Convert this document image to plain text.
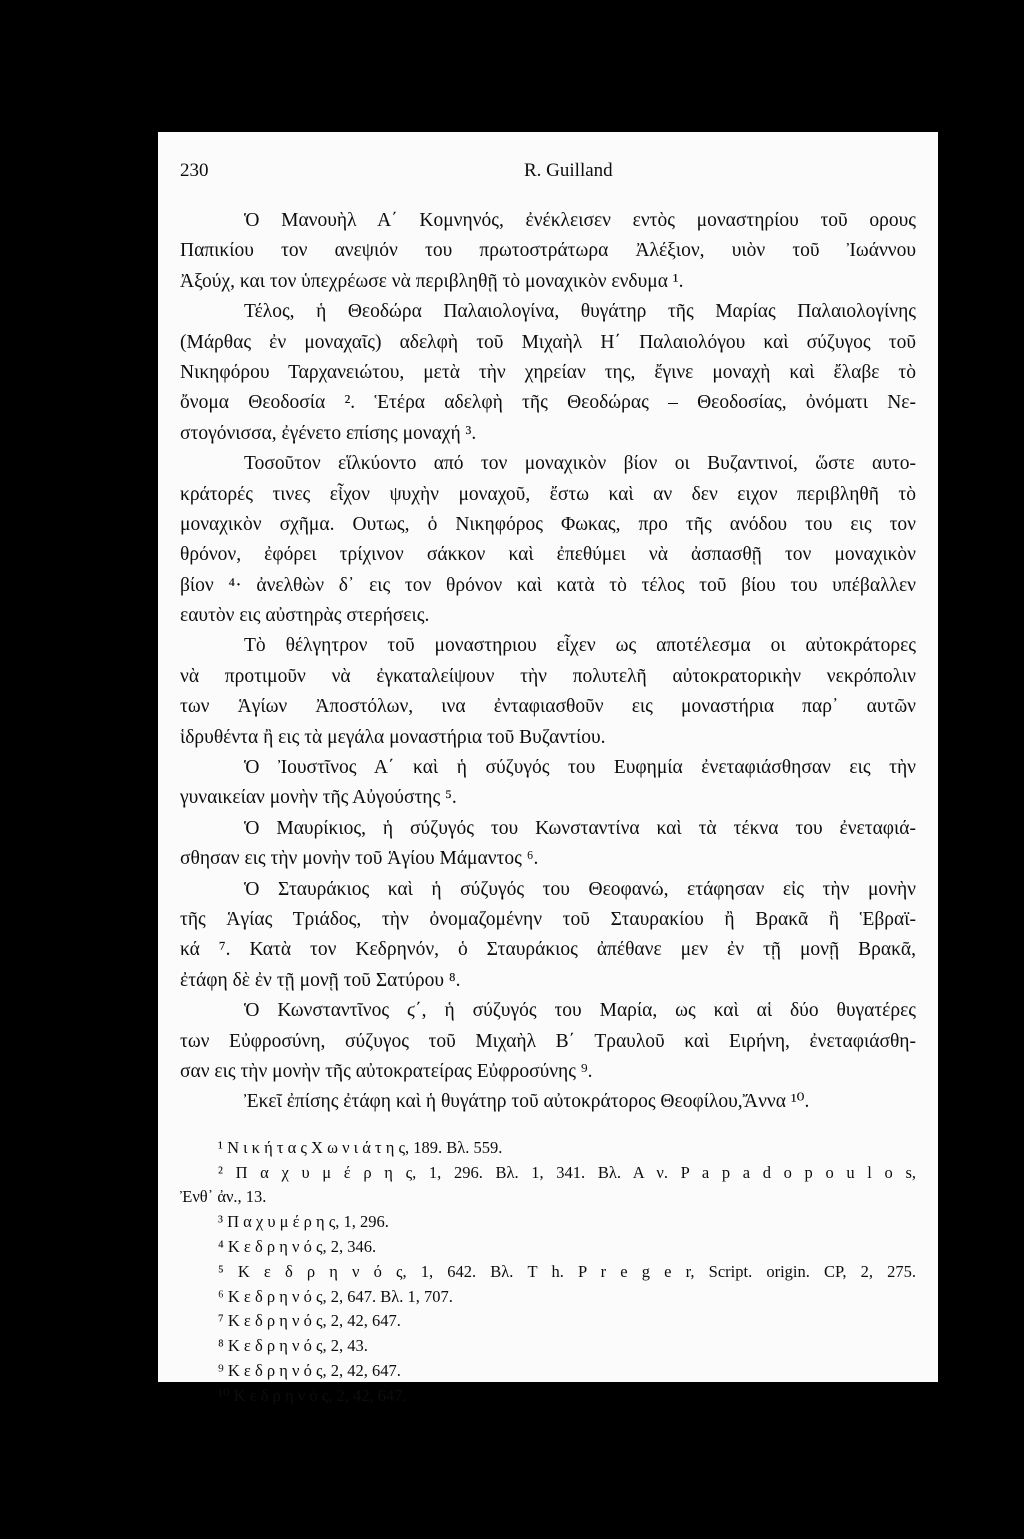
230	R. Guilland
Ὁ Μανουὴλ Α΄ Κομνηνός, ἐνέκλεισεν εντὸς μοναστηρίου τοῦ ορους
Παπικίου τον ανεψιόν του πρωτοστράτωρα Ἀλέξιον, υιὸν τοῦ Ἰωάννου
Ἀξούχ, και τον ὑπεχρέωσε νὰ περιβληθῇ τὸ μοναχικὸν ενδυμα ¹.
Τέλος, ἡ Θεοδώρα Παλαιολογίνα, θυγάτηρ τῆς Μαρίας Παλαιολογίνης
(Μάρθας ἐν μοναχαῖς) αδελφὴ τοῦ Μιχαὴλ Η΄ Παλαιολόγου καὶ σύζυγος τοῦ
Νικηφόρου Ταρχανειώτου, μετὰ τὴν χηρείαν της, ἔγινε μοναχὴ καὶ ἔλαβε τὸ
ὄνομα Θεοδοσία ². Ἑτέρα αδελφὴ τῆς Θεοδώρας – Θεοδοσίας, ὀνόματι Νε-
στογόνισσα, ἐγένετο επίσης μοναχή ³.
Τοσοῦτον εἵλκύοντο από τον μοναχικὸν βίον οι Βυζαντινοί, ὥστε αυτο-
κράτορές τινες εἶχον ψυχὴν μοναχοῦ, ἔστω καὶ αν δεν ειχον περιβληθῆ τὸ
μοναχικὸν σχῆμα. Ουτως, ὁ Νικηφόρος Φωκας, προ τῆς ανόδου του εις τον
θρόνον, ἐφόρει τρίχινον σάκκον καὶ ἐπεθύμει νὰ ἀσπασθῇ τον μοναχικὸν
βίον ⁴· ἀνελθὼν δ᾽ εις τον θρόνον καὶ κατὰ τὸ τέλος τοῦ βίου του υπέβαλλεν
εαυτὸν εις αὐστηρὰς στερήσεις.
Τὸ θέλγητρον τοῦ μοναστηριου εἶχεν ως αποτέλεσμα οι αὐτοκράτορες
νὰ προτιμοῦν νὰ ἐγκαταλείψουν τὴν πολυτελῆ αὐτοκρατορικὴν νεκρόπολιν
των Ἁγίων Ἀποστόλων, ινα ἐνταφιασθοῦν εις μοναστήρια παρ᾽ αυτῶν
ἱδρυθέντα ἢ εις τὰ μεγάλα μοναστήρια τοῦ Βυζαντίου.
Ὁ Ἰουστῖνος Α΄ καὶ ἡ σύζυγός του Ευφημία ἐνεταφιάσθησαν εις τὴν
γυναικείαν μονὴν τῆς Αὐγούστης ⁵.
Ὁ Μαυρίκιος, ἡ σύζυγός του Κωνσταντίνα καὶ τὰ τέκνα του ἐνεταφιά-
σθησαν εις τὴν μονὴν τοῦ Ἁγίου Μάμαντος ⁶.
Ὁ Σταυράκιος καὶ ἡ σύζυγός του Θεοφανώ, ετάφησαν εἰς τὴν μονὴν
τῆς Ἁγίας Τριάδος, τὴν ὀνομαζομένην τοῦ Σταυρακίου ἢ Βρακᾶ ἢ Ἑβραϊ-
κά ⁷. Κατὰ τον Κεδρηνόν, ὁ Σταυράκιος ἀπέθανε μεν ἐν τῇ μονῇ Βρακᾶ,
ἐτάφη δὲ ἐν τῇ μονῇ τοῦ Σατύρου ⁸.
Ὁ Κωνσταντῖνος ϛ΄, ἡ σύζυγός του Μαρία, ως καὶ αἱ δύο θυγατέρες
των Εὐφροσύνη, σύζυγος τοῦ Μιχαὴλ Β΄ Τραυλοῦ καὶ Ειρήνη, ἐνεταφιάσθη-
σαν εις τὴν μονὴν τῆς αὐτοκρατείρας Εὐφροσύνης ⁹.
Ἐκεῖ ἐπίσης ἐτάφη καὶ ἡ θυγάτηρ τοῦ αὐτοκράτορος Θεοφίλου,Ἄννα ¹⁰.
¹ Ν ι κ ή τ α ς Χ ω ν ι ά τ η ς, 189. Βλ. 559.
² Π α χ υ μ έ ρ η ς, 1, 296. Βλ. 1, 341. Βλ. Α ν. P a p a d o p o u l o s,
Ἐνθ᾽ ἀν., 13.
³ Π α χ υ μ έ ρ η ς, 1, 296.
⁴ Κ ε δ ρ η ν ό ς, 2, 346.
⁵ Κ ε δ ρ η ν ό ς, 1, 642. Βλ. T h. P r e g e r, Script. origin. CP, 2, 275.
⁶ Κ ε δ ρ η ν ό ς, 2, 647. Βλ. 1, 707.
⁷ Κ ε δ ρ η ν ό ς, 2, 42, 647.
⁸ Κ ε δ ρ η ν ό ς, 2, 43.
⁹ Κ ε δ ρ η ν ό ς, 2, 42, 647.
¹⁰ Κ ε δ ρ η ν ό ς, 2, 42, 647.
